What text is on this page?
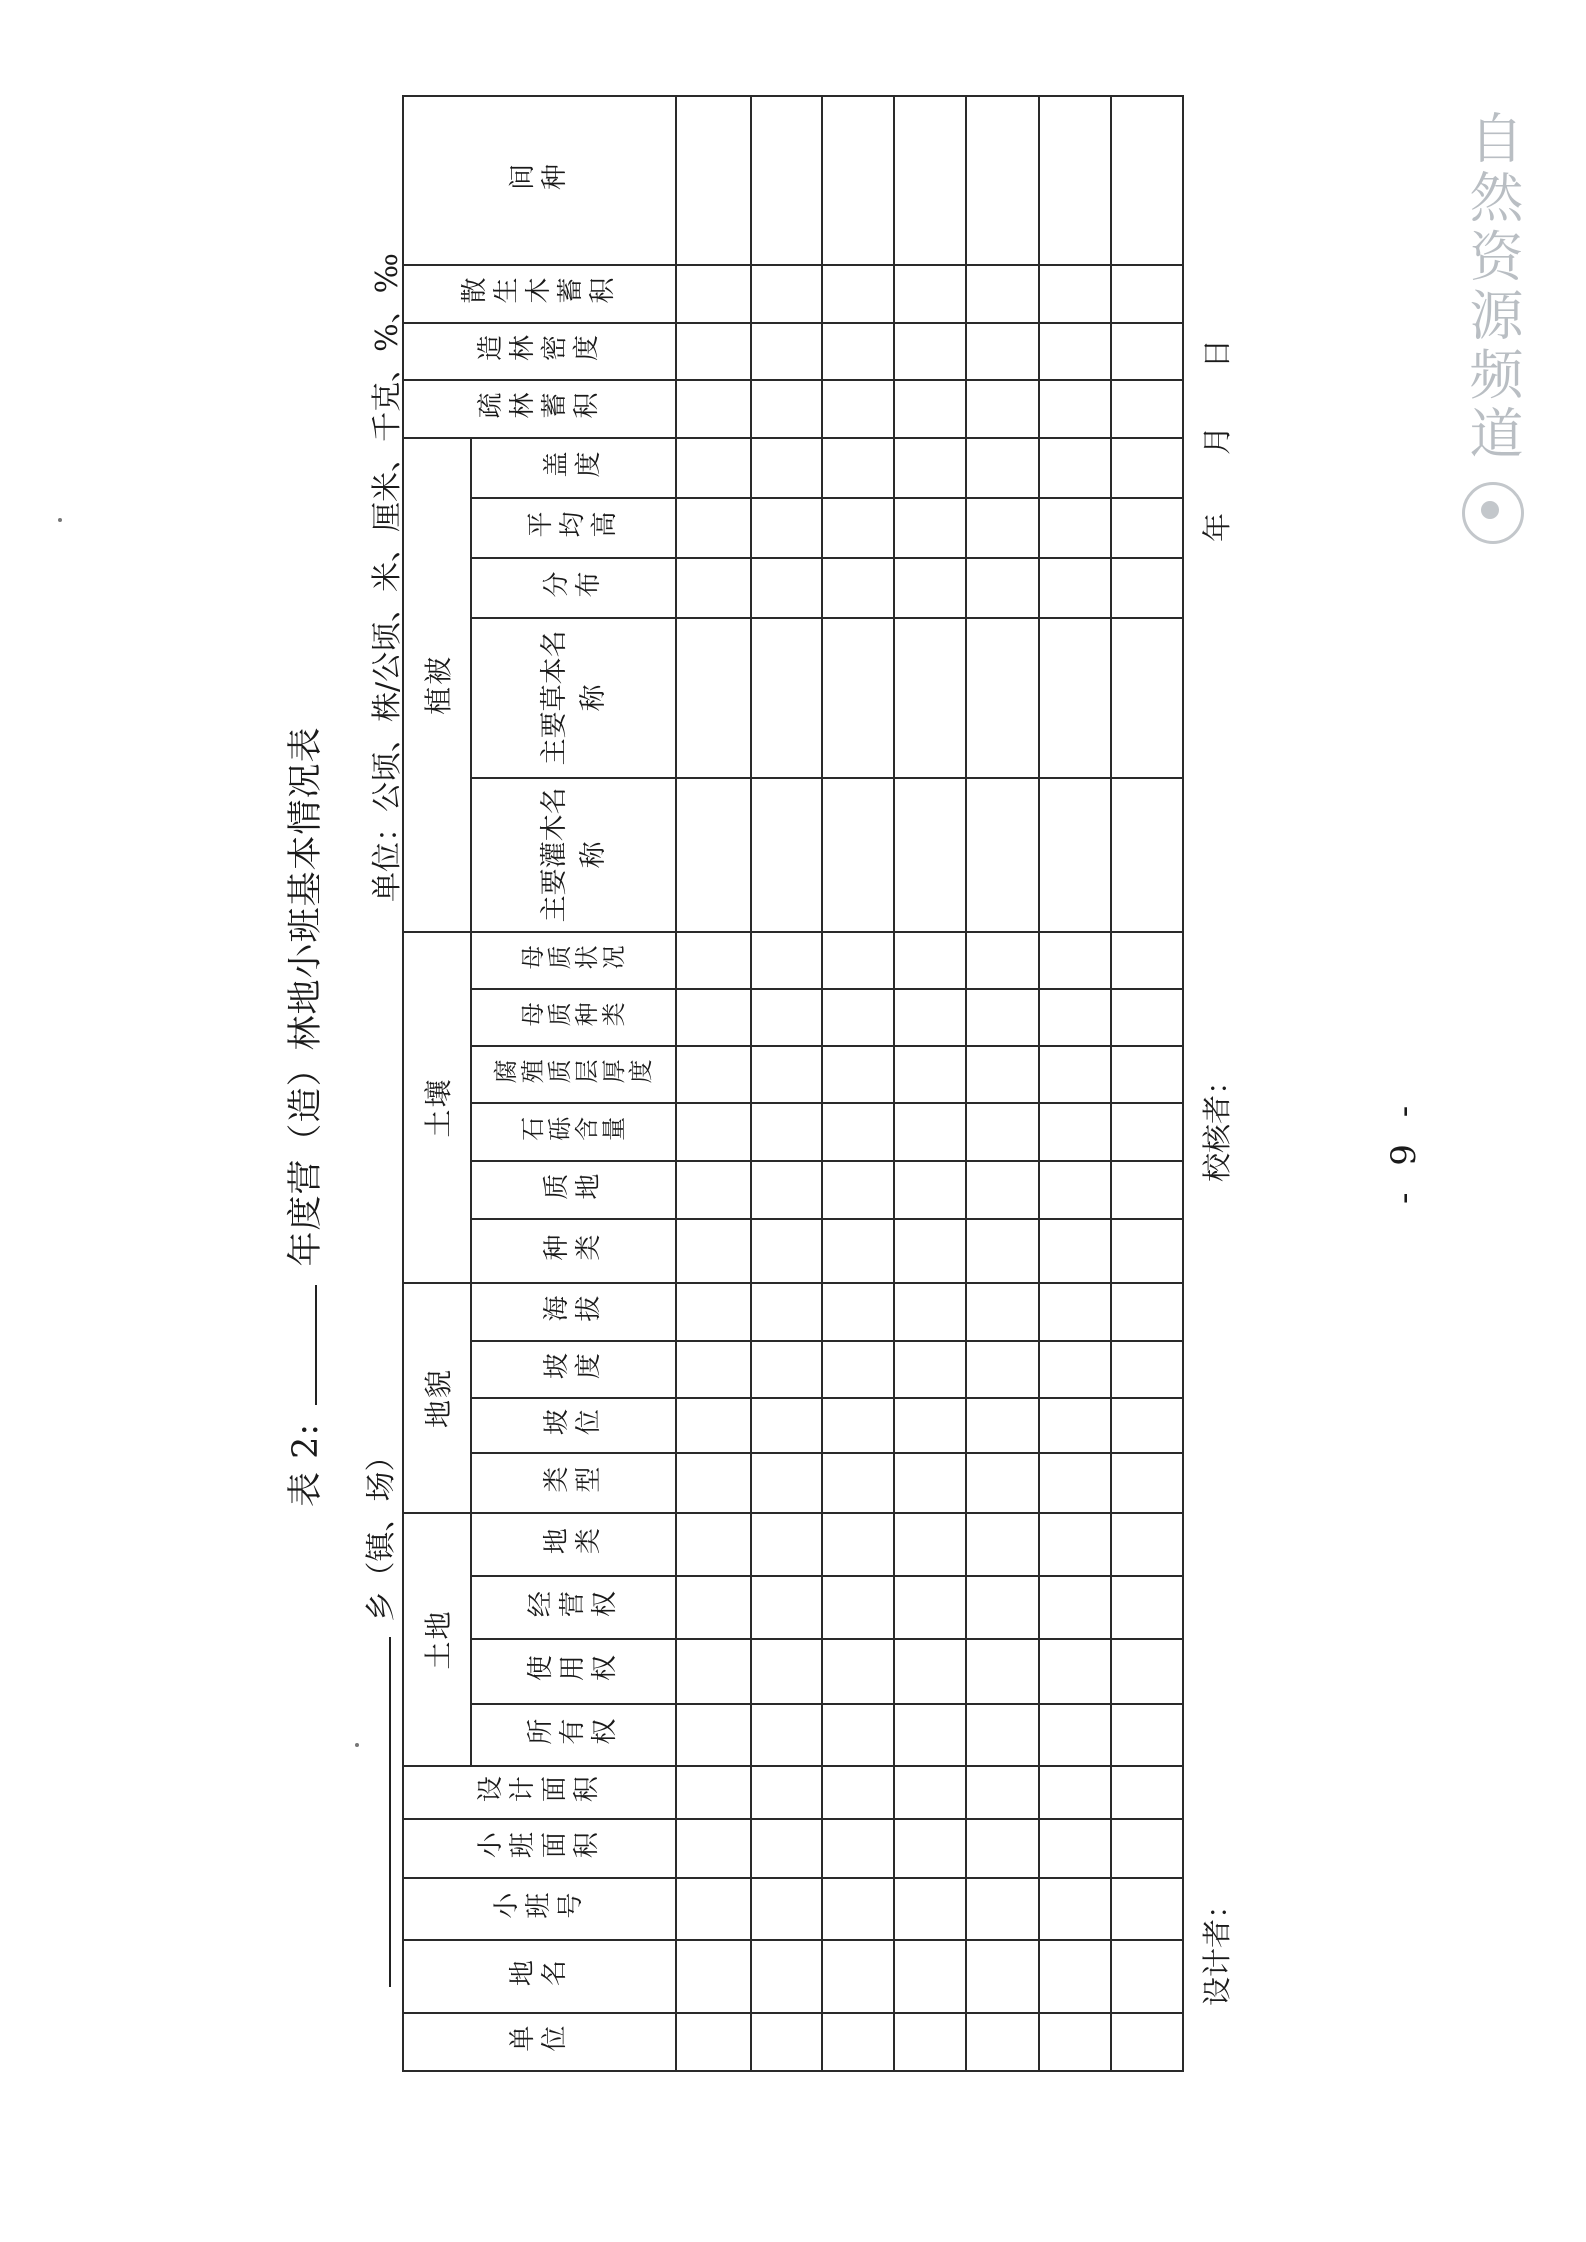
表 2:  年度营（造）林地小班基本情况表
乡（镇、场）
单位：公顷、株/公顷、米、厘米、千克、%、‰
单位	地名	小班号	小班面积	设计面积	土地				地貌				土壤						植被					疏林蓄积	造林密度	散生木蓄积	间种
					所有权	使用权	经营权	地类	类型	坡位	坡度	海拔	种类	质地	石砾含量	腐殖质层厚度	母质种类	母质状况	主要灌木名称	主要草本名称	分布	平均高	盖度				

设计者：
校核者：
年　　月　　日
- 9 -
自然资源频道
